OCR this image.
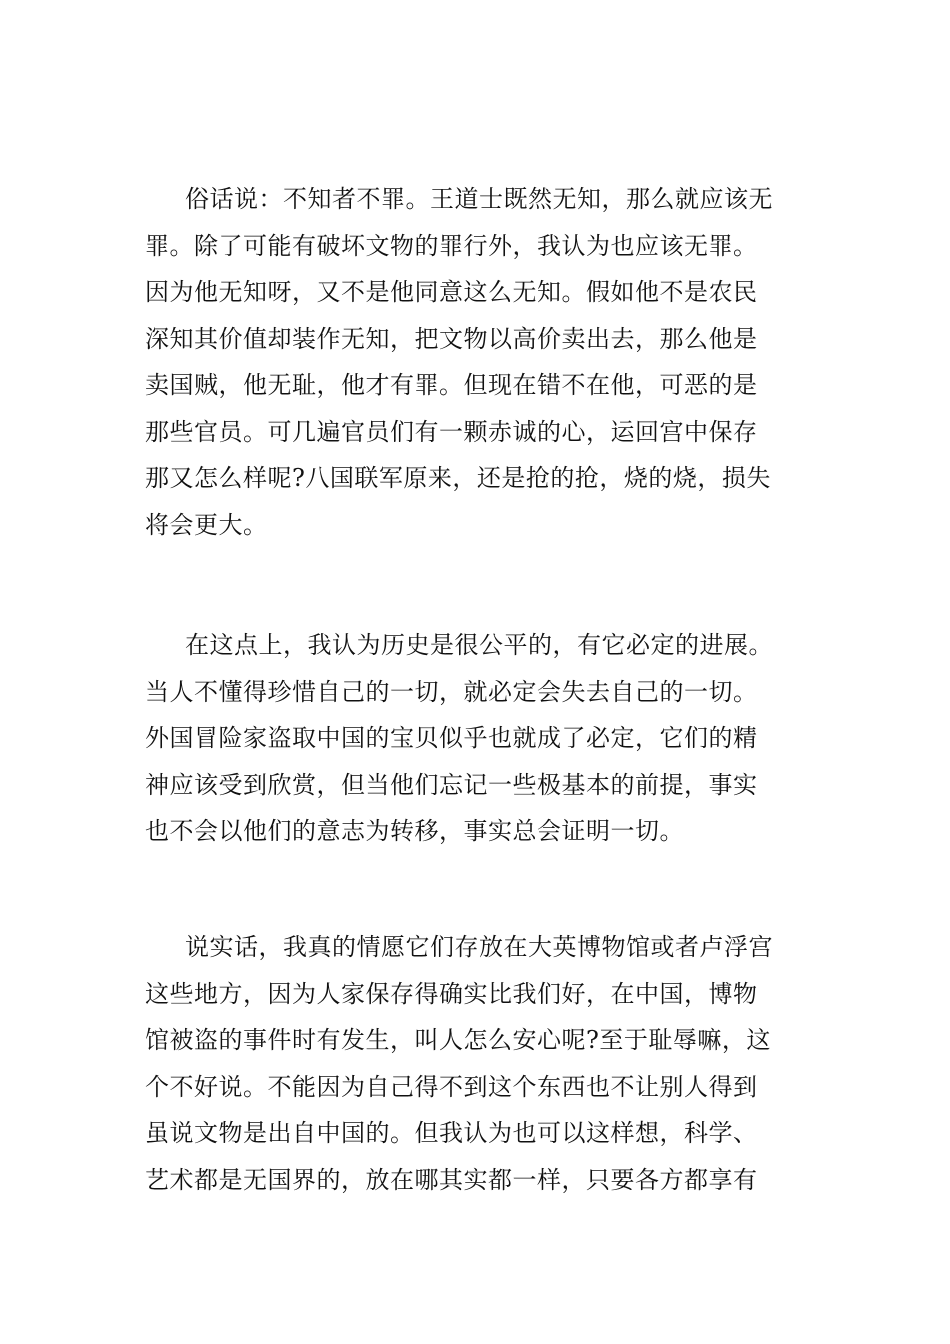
俗话说：不知者不罪。王道士既然无知，那么就应该无
罪。除了可能有破坏文物的罪行外，我认为也应该无罪。
因为他无知呀，又不是他同意这么无知。假如他不是农民
深知其价值却装作无知，把文物以高价卖出去，那么他是
卖国贼，他无耻，他才有罪。但现在错不在他，可恶的是
那些官员。可几遍官员们有一颗赤诚的心，运回宫中保存
那又怎么样呢?八国联军原来，还是抢的抢，烧的烧，损失
将会更大。
在这点上，我认为历史是很公平的，有它必定的进展。
当人不懂得珍惜自己的一切，就必定会失去自己的一切。
外国冒险家盗取中国的宝贝似乎也就成了必定，它们的精
神应该受到欣赏，但当他们忘记一些极基本的前提，事实
也不会以他们的意志为转移，事实总会证明一切。
说实话，我真的情愿它们存放在大英博物馆或者卢浮宫
这些地方，因为人家保存得确实比我们好，在中国，博物
馆被盗的事件时有发生，叫人怎么安心呢?至于耻辱嘛，这
个不好说。不能因为自己得不到这个东西也不让别人得到
虽说文物是出自中国的。但我认为也可以这样想，科学、
艺术都是无国界的，放在哪其实都一样，只要各方都享有
